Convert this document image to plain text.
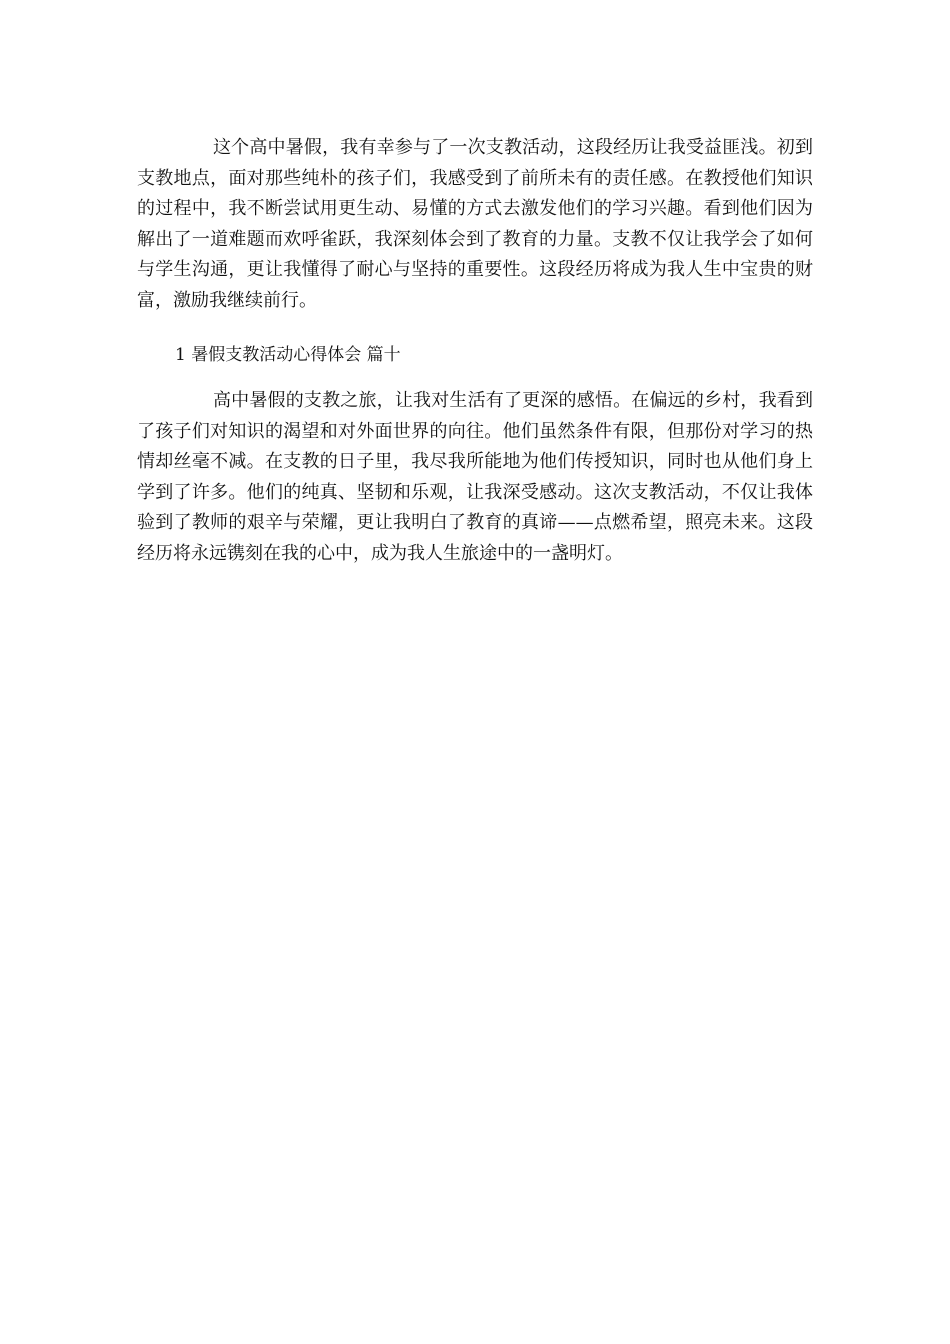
这个高中暑假，我有幸参与了一次支教活动，这段经历让我受益匪浅。初到支教地点，面对那些纯朴的孩子们，我感受到了前所未有的责任感。在教授他们知识的过程中，我不断尝试用更生动、易懂的方式去激发他们的学习兴趣。看到他们因为解出了一道难题而欢呼雀跃，我深刻体会到了教育的力量。支教不仅让我学会了如何与学生沟通，更让我懂得了耐心与坚持的重要性。这段经历将成为我人生中宝贵的财富，激励我继续前行。

1 暑假支教活动心得体会 篇十

高中暑假的支教之旅，让我对生活有了更深的感悟。在偏远的乡村，我看到了孩子们对知识的渴望和对外面世界的向往。他们虽然条件有限，但那份对学习的热情却丝毫不减。在支教的日子里，我尽我所能地为他们传授知识，同时也从他们身上学到了许多。他们的纯真、坚韧和乐观，让我深受感动。这次支教活动，不仅让我体验到了教师的艰辛与荣耀，更让我明白了教育的真谛——点燃希望，照亮未来。这段经历将永远镌刻在我的心中，成为我人生旅途中的一盏明灯。
